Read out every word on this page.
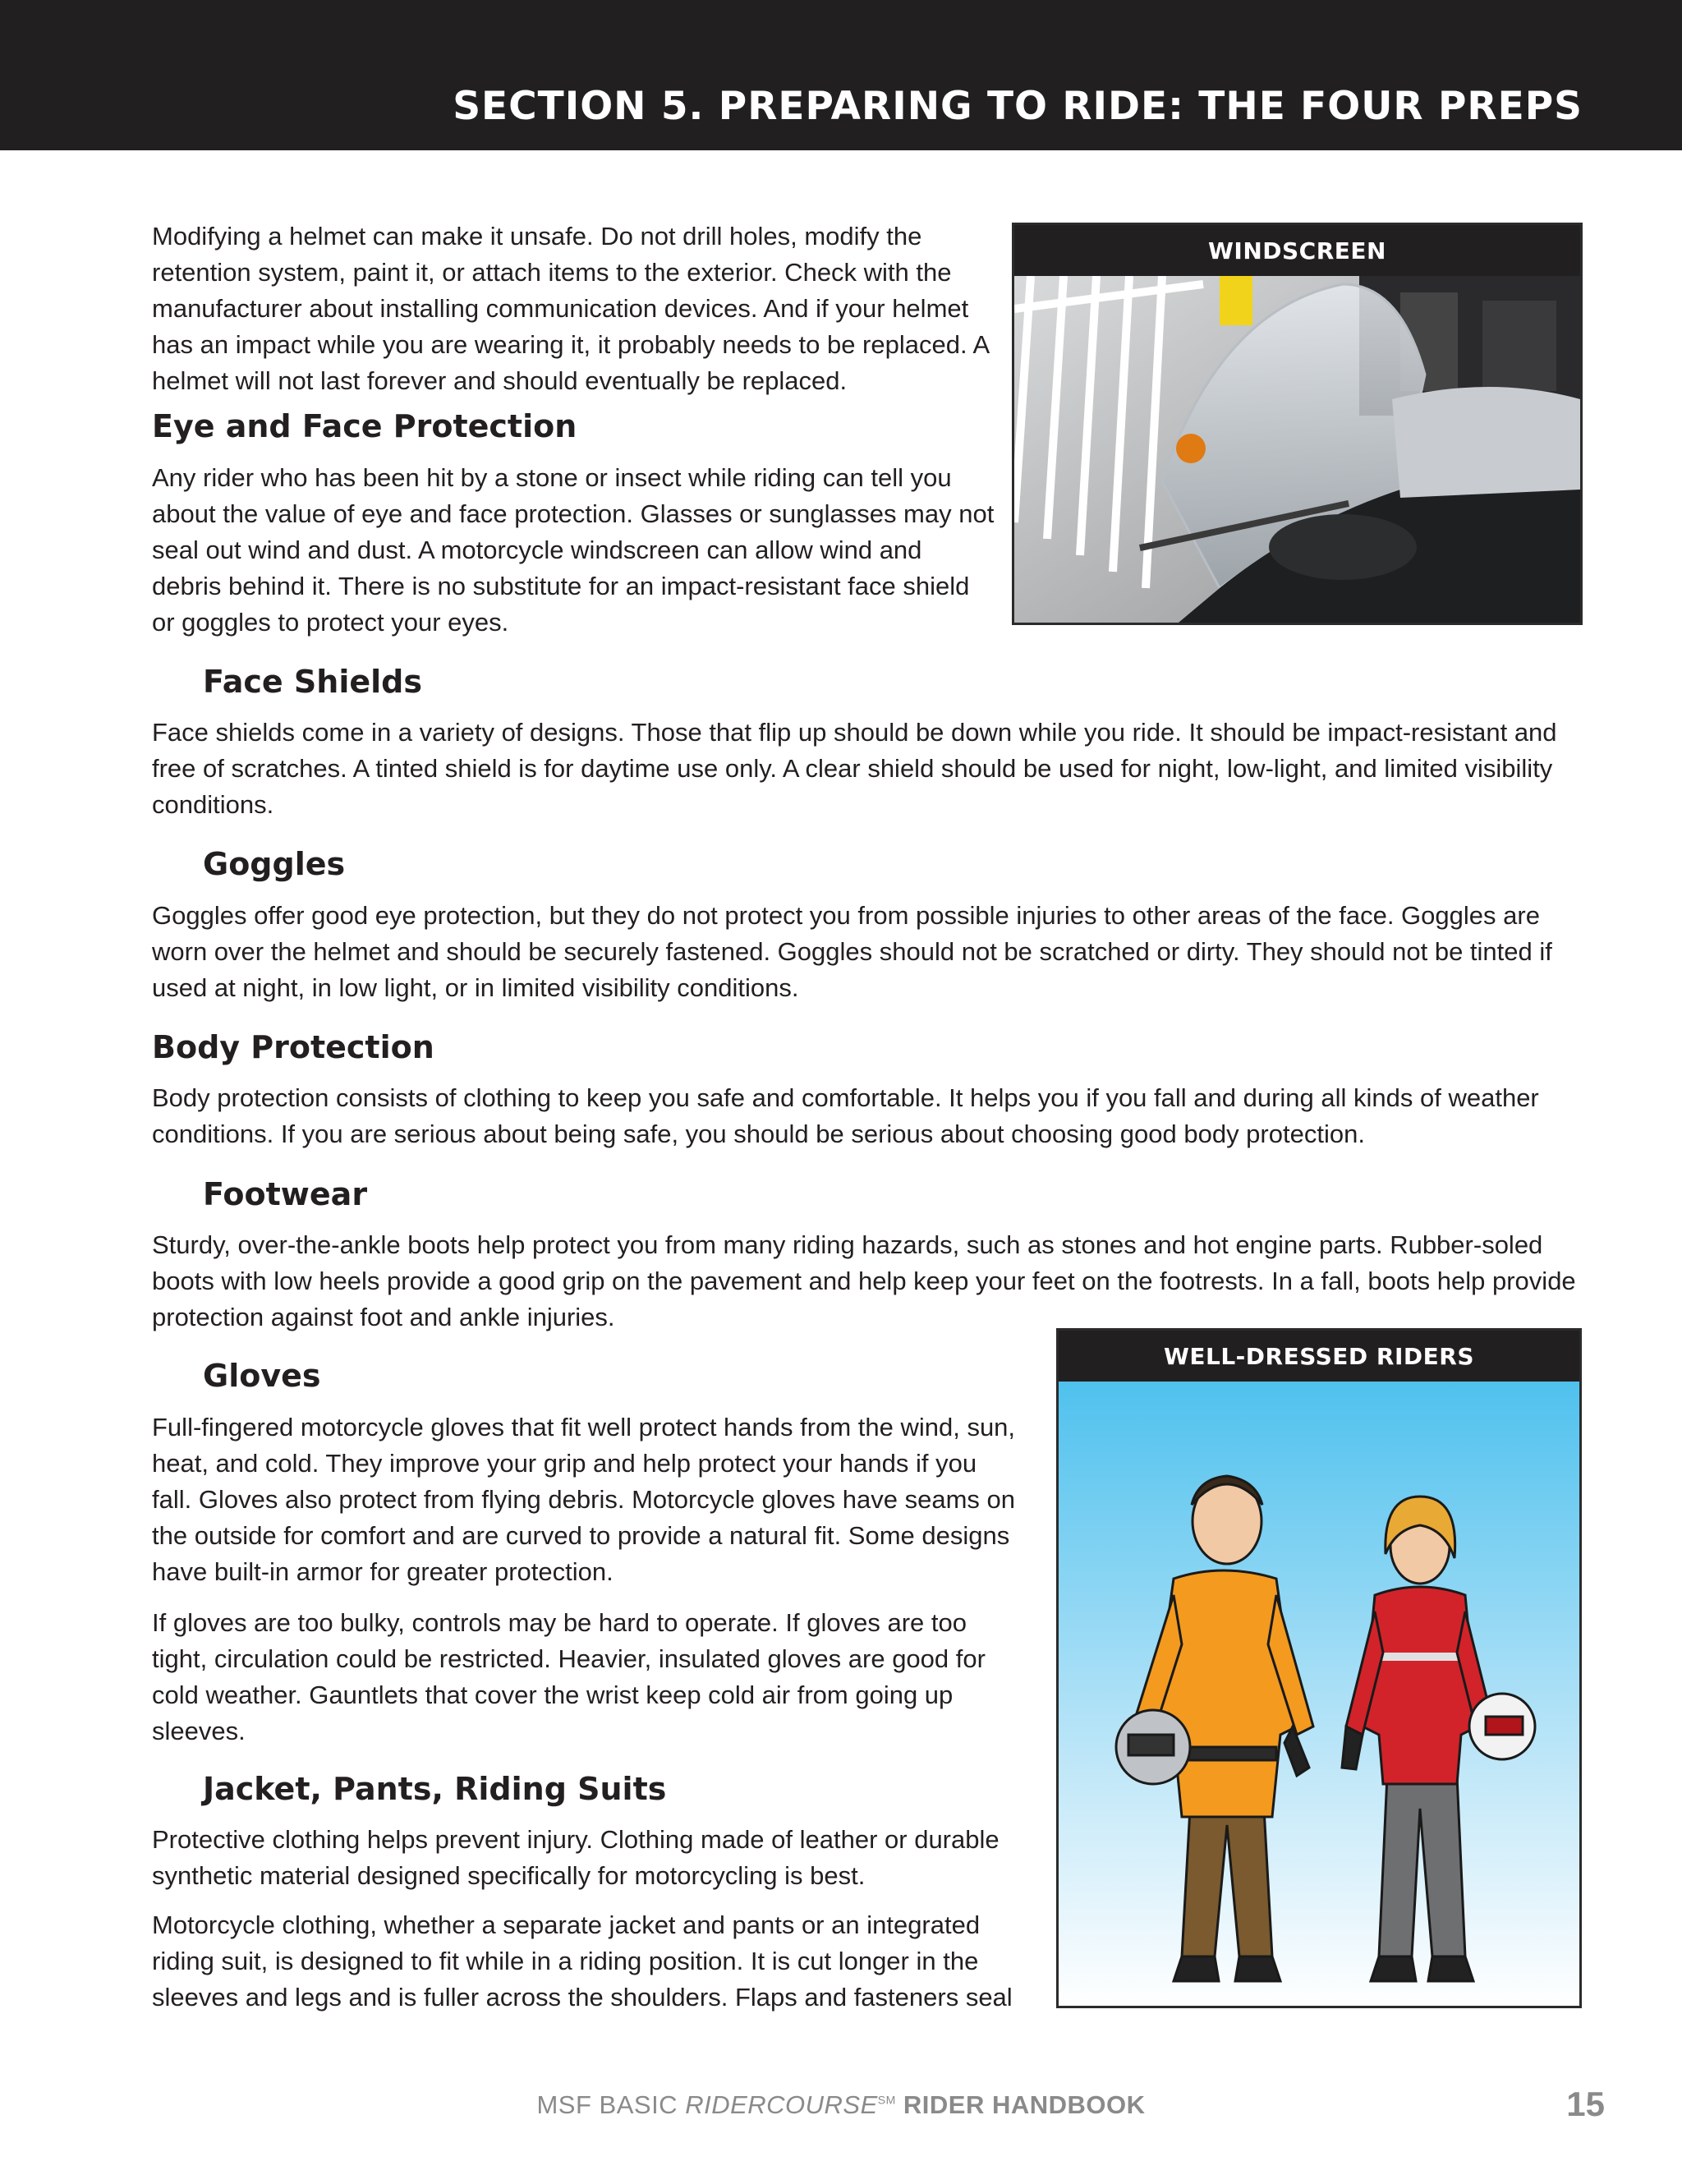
SECTION 5. PREPARING TO RIDE: THE FOUR PREPS

Modifying a helmet can make it unsafe. Do not drill holes, modify the retention system, paint it, or attach items to the exterior. Check with the manufacturer about installing communication devices. And if your helmet has an impact while you are wearing it, it probably needs to be replaced. A helmet will not last forever and should eventually be replaced.

Eye and Face Protection

Any rider who has been hit by a stone or insect while riding can tell you about the value of eye and face protection. Glasses or sunglasses may not seal out wind and dust. A motorcycle windscreen can allow wind and debris behind it. There is no substitute for an impact-resistant face shield or goggles to protect your eyes.

WINDSCREEN
Face Shields

Face shields come in a variety of designs. Those that flip up should be down while you ride. It should be impact-resistant and free of scratches. A tinted shield is for daytime use only. A clear shield should be used for night, low-light, and limited visibility conditions.

Goggles

Goggles offer good eye protection, but they do not protect you from possible injuries to other areas of the face. Goggles are worn over the helmet and should be securely fastened. Goggles should not be scratched or dirty. They should not be tinted if used at night, in low light, or in limited visibility conditions.

Body Protection

Body protection consists of clothing to keep you safe and comfortable. It helps you if you fall and during all kinds of weather conditions. If you are serious about being safe, you should be serious about choosing good body protection.

Footwear

Sturdy, over-the-ankle boots help protect you from many riding hazards, such as stones and hot engine parts. Rubber-soled boots with low heels provide a good grip on the pavement and help keep your feet on the footrests. In a fall, boots help provide protection against foot and ankle injuries.

Gloves

Full-fingered motorcycle gloves that fit well protect hands from the wind, sun, heat, and cold. They improve your grip and help protect your hands if you fall. Gloves also protect from flying debris. Motorcycle gloves have seams on the outside for comfort and are curved to provide a natural fit. Some designs have built-in armor for greater protection.

If gloves are too bulky, controls may be hard to operate. If gloves are too tight, circulation could be restricted. Heavier, insulated gloves are good for cold weather. Gauntlets that cover the wrist keep cold air from going up sleeves.

Jacket, Pants, Riding Suits

Protective clothing helps prevent injury. Clothing made of leather or durable synthetic material designed specifically for motorcycling is best.

Motorcycle clothing, whether a separate jacket and pants or an integrated riding suit, is designed to fit while in a riding position. It is cut longer in the sleeves and legs and is fuller across the shoulders. Flaps and fasteners seal

WELL-DRESSED RIDERS
MSF BASIC RIDERCOURSE℠ RIDER HANDBOOK	15
